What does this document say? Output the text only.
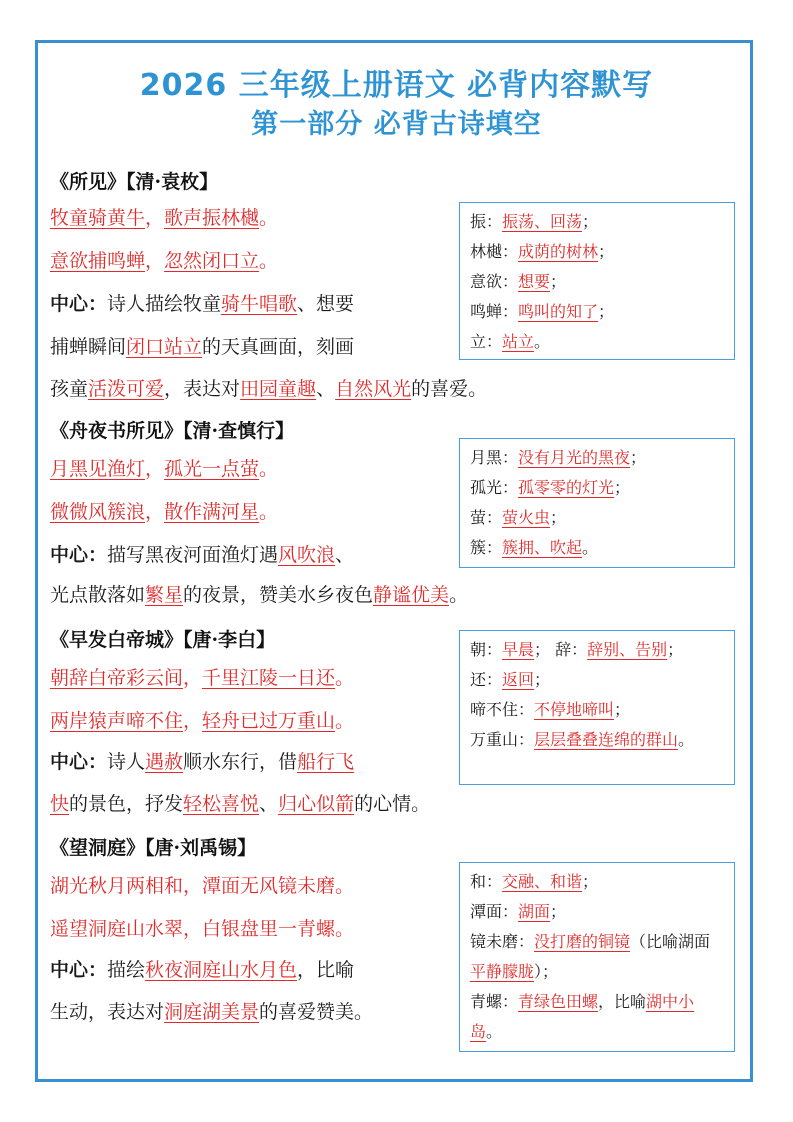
2026 三年级上册语文 必背内容默写
第一部分 必背古诗填空
《所见》【清·袁枚】
牧童骑黄牛，歌声振林樾。
意欲捕鸣蝉，忽然闭口立。
中心：诗人描绘牧童骑牛唱歌、想要
捕蝉瞬间闭口站立的天真画面，刻画
孩童活泼可爱，表达对田园童趣、自然风光的喜爱。
振：振荡、回荡；
林樾：成荫的树林；
意欲：想要；
鸣蝉：鸣叫的知了；
立：站立。
《舟夜书所见》【清·查慎行】
月黑见渔灯，孤光一点萤。
微微风簇浪，散作满河星。
中心：描写黑夜河面渔灯遇风吹浪、
光点散落如繁星的夜景，赞美水乡夜色静谧优美。
月黑：没有月光的黑夜；
孤光：孤零零的灯光；
萤：萤火虫；
簇：簇拥、吹起。
《早发白帝城》【唐·李白】
朝辞白帝彩云间，千里江陵一日还。
两岸猿声啼不住，轻舟已过万重山。
中心：诗人遇赦顺水东行，借船行飞
快的景色，抒发轻松喜悦、归心似箭的心情。
朝：早晨； 辞：辞别、告别；
还：返回；
啼不住：不停地啼叫；
万重山：层层叠叠连绵的群山。
《望洞庭》【唐·刘禹锡】
湖光秋月两相和，潭面无风镜未磨。
遥望洞庭山水翠，白银盘里一青螺。
中心：描绘秋夜洞庭山水月色，比喻
生动，表达对洞庭湖美景的喜爱赞美。
和：交融、和谐；
潭面：湖面；
镜未磨：没打磨的铜镜（比喻湖面平静朦胧）；
青螺：青绿色田螺，比喻湖中小岛。
